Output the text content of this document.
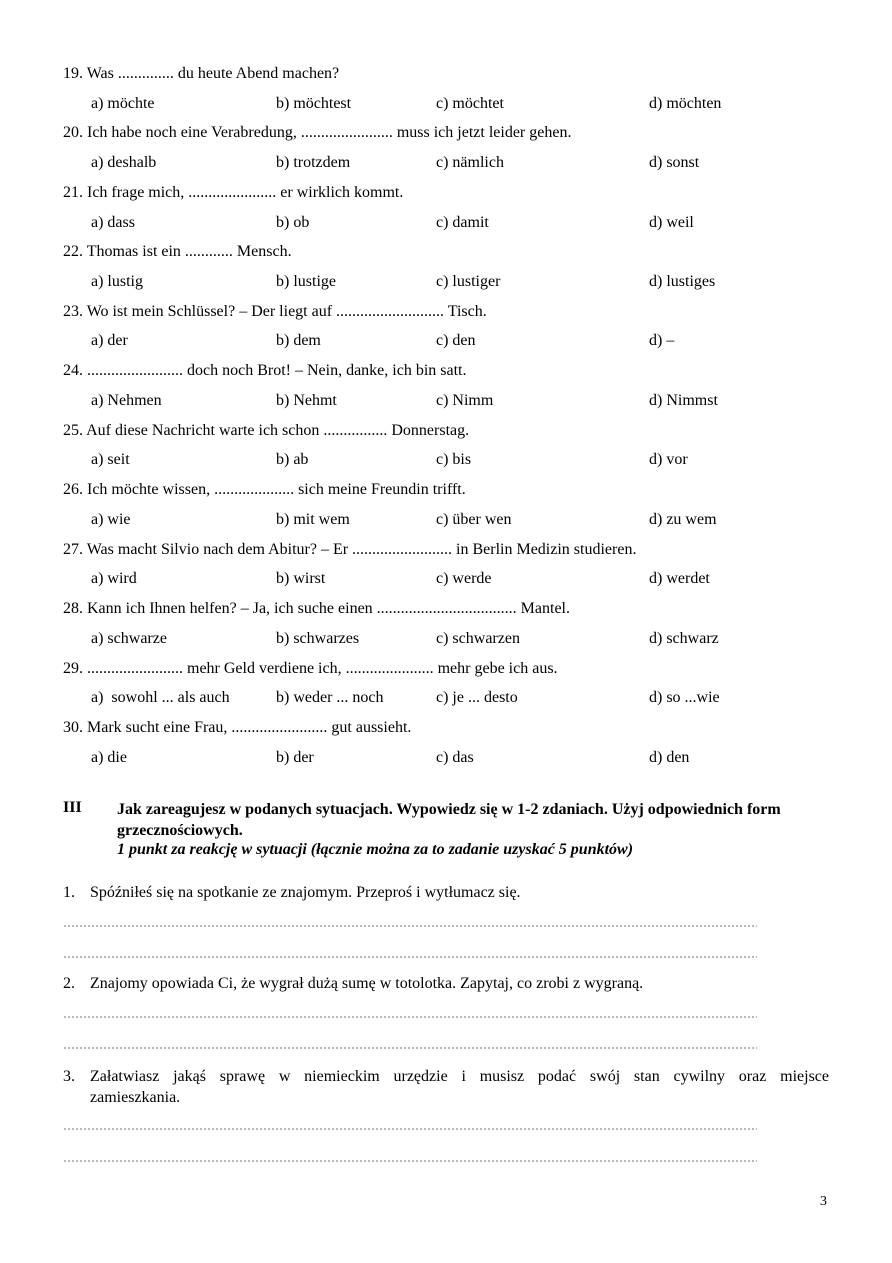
19. Was .............. du heute Abend machen?
a) möchte	b) möchtest	c) möchtet	d) möchten
20. Ich habe noch eine Verabredung, ....................... muss ich jetzt leider gehen.
a) deshalb	b) trotzdem	c) nämlich	d) sonst
21. Ich frage mich, ...................... er wirklich kommt.
a) dass	b) ob	c) damit	d) weil
22. Thomas ist ein ............ Mensch.
a) lustig	b) lustige	c) lustiger	d) lustiges
23. Wo ist mein Schlüssel? – Der liegt auf ........................... Tisch.
a) der	b) dem	c) den	d) –
24. ........................ doch noch Brot! – Nein, danke, ich bin satt.
a) Nehmen	b) Nehmt	c) Nimm	d) Nimmst
25. Auf diese Nachricht warte ich schon ................ Donnerstag.
a) seit	b) ab	c) bis	d) vor
26. Ich möchte wissen, .................... sich meine Freundin trifft.
a) wie	b) mit wem	c) über wen	d) zu wem
27. Was macht Silvio nach dem Abitur? – Er ......................... in Berlin Medizin studieren.
a) wird	b) wirst	c) werde	d) werdet
28. Kann ich Ihnen helfen? – Ja, ich suche einen ................................... Mantel.
a) schwarze	b) schwarzes	c) schwarzen	d) schwarz
29. ........................ mehr Geld verdiene ich, ...................... mehr gebe ich aus.
a)  sowohl ... als auch	b) weder ... noch	c) je ... desto	d) so ...wie
30. Mark sucht eine Frau, ........................ gut aussieht.
a) die	b) der	c) das	d) den
III Jak zareagujesz w podanych sytuacjach. Wypowiedz się w 1-2 zdaniach. Użyj odpowiednich form grzecznościowych.
1 punkt za reakcję w sytuacji (łącznie można za to zadanie uzyskać 5 punktów)
1. Spóźniłeś się na spotkanie ze znajomym. Przeproś i wytłumacz się.
2. Znajomy opowiada Ci, że wygrał dużą sumę w totolotka. Zapytaj, co zrobi z wygraną.
3. Załatwiasz jakąś sprawę w niemieckim urzędzie i musisz podać swój stan cywilny oraz miejsce
zamieszkania.
3
